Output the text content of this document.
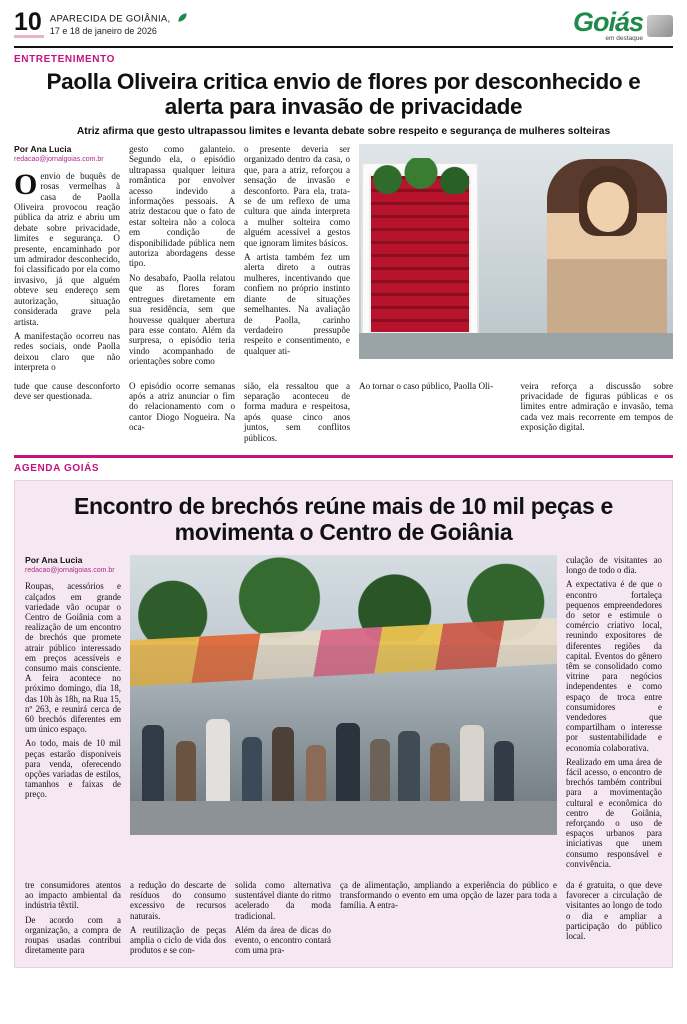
10 APARECIDA DE GOIÂNIA,
17 e 18 de janeiro de 2026	Goiás
em destaque
ENTRETENIMENTO
Paolla Oliveira critica envio de flores por desconhecido e alerta para invasão de privacidade
Atriz afirma que gesto ultrapassou limites e levanta debate sobre respeito e segurança de mulheres solteiras
Por Ana Lucia
redacao@jornalgoias.com.br

Oenvio de buquês de rosas vermelhas à casa de Paolla Oliveira provocou reação pública da atriz e abriu um debate sobre privacidade, limites e segurança. O presente, encaminhado por um admirador desconhecido, foi classificado por ela como invasivo, já que alguém obteve seu endereço sem autorização, situação considerada grave pela artista.

A manifestação ocorreu nas redes sociais, onde Paolla deixou claro que não interpreta o

gesto como galanteio. Segundo ela, o episódio ultrapassa qualquer leitura romântica por envolver acesso indevido a informações pessoais. A atriz destacou que o fato de estar solteira não a coloca em condição de disponibilidade pública nem autoriza abordagens desse tipo.

No desabafo, Paolla relatou que as flores foram entregues diretamente em sua residência, sem que houvesse qualquer abertura para esse contato. Além da surpresa, o episódio teria vindo acompanhado de orientações sobre como

o presente deveria ser organizado dentro da casa, o que, para a atriz, reforçou a sensação de invasão e desconforto. Para ela, trata-se de um reflexo de uma cultura que ainda interpreta a mulher solteira como alguém acessível a gestos que ignoram limites básicos.

A artista também fez um alerta direto a outras mulheres, incentivando que confiem no próprio instinto diante de situações semelhantes. Na avaliação de Paolla, carinho verdadeiro pressupõe respeito e consentimento, e qualquer ati-

tude que cause desconforto deve ser questionada.

O episódio ocorre semanas após a atriz anunciar o fim do relacionamento com o cantor Diogo Nogueira. Na oca-

sião, ela ressaltou que a separação aconteceu de forma madura e respeitosa, após quase cinco anos juntos, sem conflitos públicos.

Ao tornar o caso público, Paolla Oli-	veira reforça a discussão sobre privacidade de figuras públicas e os limites entre admiração e invasão, tema cada vez mais recorrente em tempos de exposição digital.

AGENDA GOIÁS
Encontro de brechós reúne mais de 10 mil peças e movimenta o Centro de Goiânia
Por Ana Lucia
redacao@jornalgoias.com.br

Roupas, acessórios e calçados em grande variedade vão ocupar o Centro de Goiânia com a realização de um encontro de brechós que promete atrair público interessado em preços acessíveis e consumo mais consciente. A feira acontece no próximo domingo, dia 18, das 10h às 18h, na Rua 15, nº 263, e reunirá cerca de 60 brechós diferentes em um único espaço.

Ao todo, mais de 10 mil peças estarão disponíveis para venda, oferecendo opções variadas de estilos, tamanhos e faixas de preço.

culação de visitantes ao longo de todo o dia.

A expectativa é de que o encontro fortaleça pequenos empreendedores do setor e estimule o comércio criativo local, reunindo expositores de diferentes regiões da capital. Eventos do gênero têm se consolidado como vitrine para negócios independentes e como espaço de troca entre consumidores e vendedores que compartilham o interesse por sustentabilidade e economia colaborativa.

Realizado em uma área de fácil acesso, o encontro de brechós também contribui para a movimentação cultural e econômica do centro de Goiânia, reforçando o uso de espaços urbanos para iniciativas que unem consumo responsável e convivência.

tre consumidores atentos ao impacto ambiental da indústria têxtil.

De acordo com a organização, a compra de roupas usadas contribui diretamente para

a redução do descarte de resíduos do consumo excessivo de recursos naturais.

A reutilização de peças amplia o ciclo de vida dos produtos e se con-

solida como alternativa sustentável diante do ritmo acelerado da moda tradicional.

Além da área de dicas do evento, o encontro contará com uma pra-

ça de alimentação, ampliando a experiência do público e transformando o evento em uma opção de lazer para toda a família. A entra-

da é gratuita, o que deve favorecer a circulação de visitantes ao longo de todo o dia e ampliar a participação do público local.
